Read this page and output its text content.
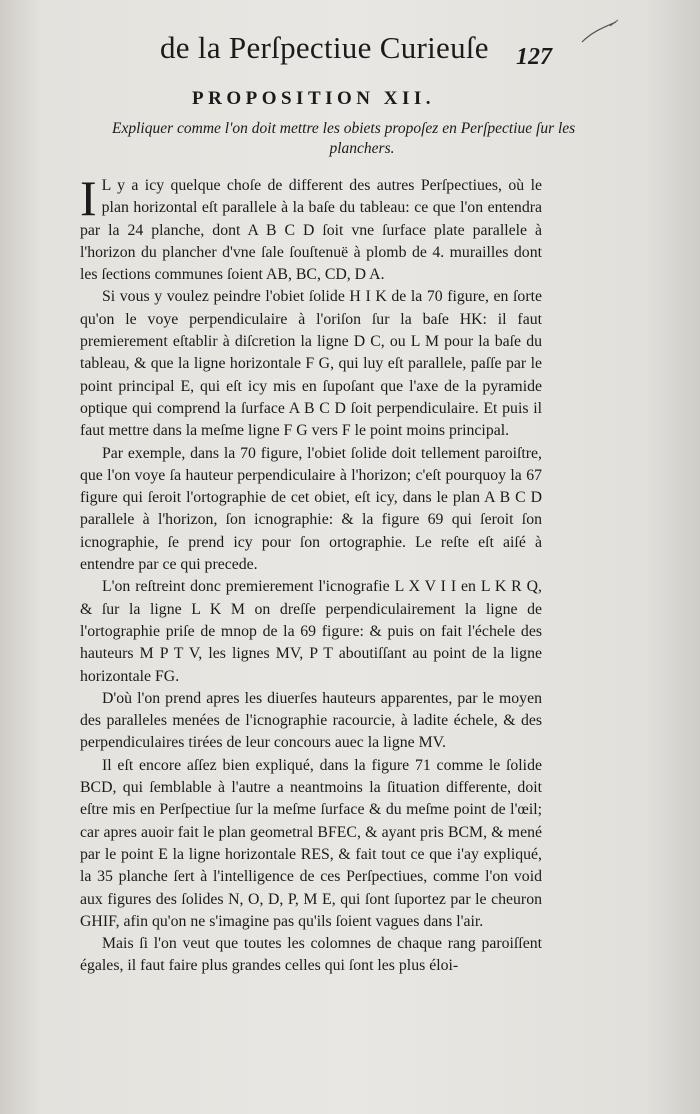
de la Perſpectiue Curieuſe 127
PROPOSITION XII.
Expliquer comme l'on doit mettre les obiets propoſez en Perſpectiue ſur les
planchers.

I L y a icy quelque choſe de different des autres Perſpectiues, où le plan horizontal eſt parallele à la baſe du tableau: ce que l'on entendra par la 24 planche, dont A B C D ſoit vne ſurface plate parallele à l'horizon du plancher d'vne ſale ſouſtenuë à plomb de 4. murailles dont les ſections communes ſoient AB, BC, CD, D A.

Si vous y voulez peindre l'obiet ſolide H I K de la 70 figure, en ſorte qu'on le voye perpendiculaire à l'oriſon ſur la baſe HK: il faut premierement eſtablir à diſcretion la ligne D C, ou L M pour la baſe du tableau, & que la ligne horizontale F G, qui luy eſt parallele, paſſe par le point principal E, qui eſt icy mis en ſupoſant que l'axe de la pyramide optique qui comprend la ſurface A B C D ſoit perpendiculaire. Et puis il faut mettre dans la meſme ligne F G vers F le point moins principal.

Par exemple, dans la 70 figure, l'obiet ſolide doit tellement paroiſtre, que l'on voye ſa hauteur perpendiculaire à l'horizon; c'eſt pourquoy la 67 figure qui ſeroit l'ortographie de cet obiet, eſt icy, dans le plan A B C D parallele à l'horizon, ſon icnographie: & la figure 69 qui ſeroit ſon icnographie, ſe prend icy pour ſon ortographie. Le reſte eſt aiſé à entendre par ce qui precede.

L'on reſtreint donc premierement l'icnografie L X V I I en L K R Q, & ſur la ligne L K M on dreſſe perpendiculairement la ligne de l'ortographie priſe de mnop de la 69 figure: & puis on fait l'échele des hauteurs M P T V, les lignes MV, P T aboutiſſant au point de la ligne horizontale FG.

D'où l'on prend apres les diuerſes hauteurs apparentes, par le moyen des paralleles menées de l'icnographie racourcie, à ladite échele, & des perpendiculaires tirées de leur concours auec la ligne MV.

Il eſt encore aſſez bien expliqué, dans la figure 71 comme le ſolide BCD, qui ſemblable à l'autre a neantmoins la ſituation differente, doit eſtre mis en Perſpectiue ſur la meſme ſurface & du meſme point de l'œil; car apres auoir fait le plan geometral BFEC, & ayant pris BCM, & mené par le point E la ligne horizontale RES, & fait tout ce que i'ay expliqué, la 35 planche ſert à l'intelligence de ces Perſpectiues, comme l'on void aux figures des ſolides N, O, D, P, M E, qui ſont ſuportez par le cheuron GHIF, afin qu'on ne s'imagine pas qu'ils ſoient vagues dans l'air.

Mais ſi l'on veut que toutes les colomnes de chaque rang paroiſſent égales, il faut faire plus grandes celles qui ſont les plus éloi-
